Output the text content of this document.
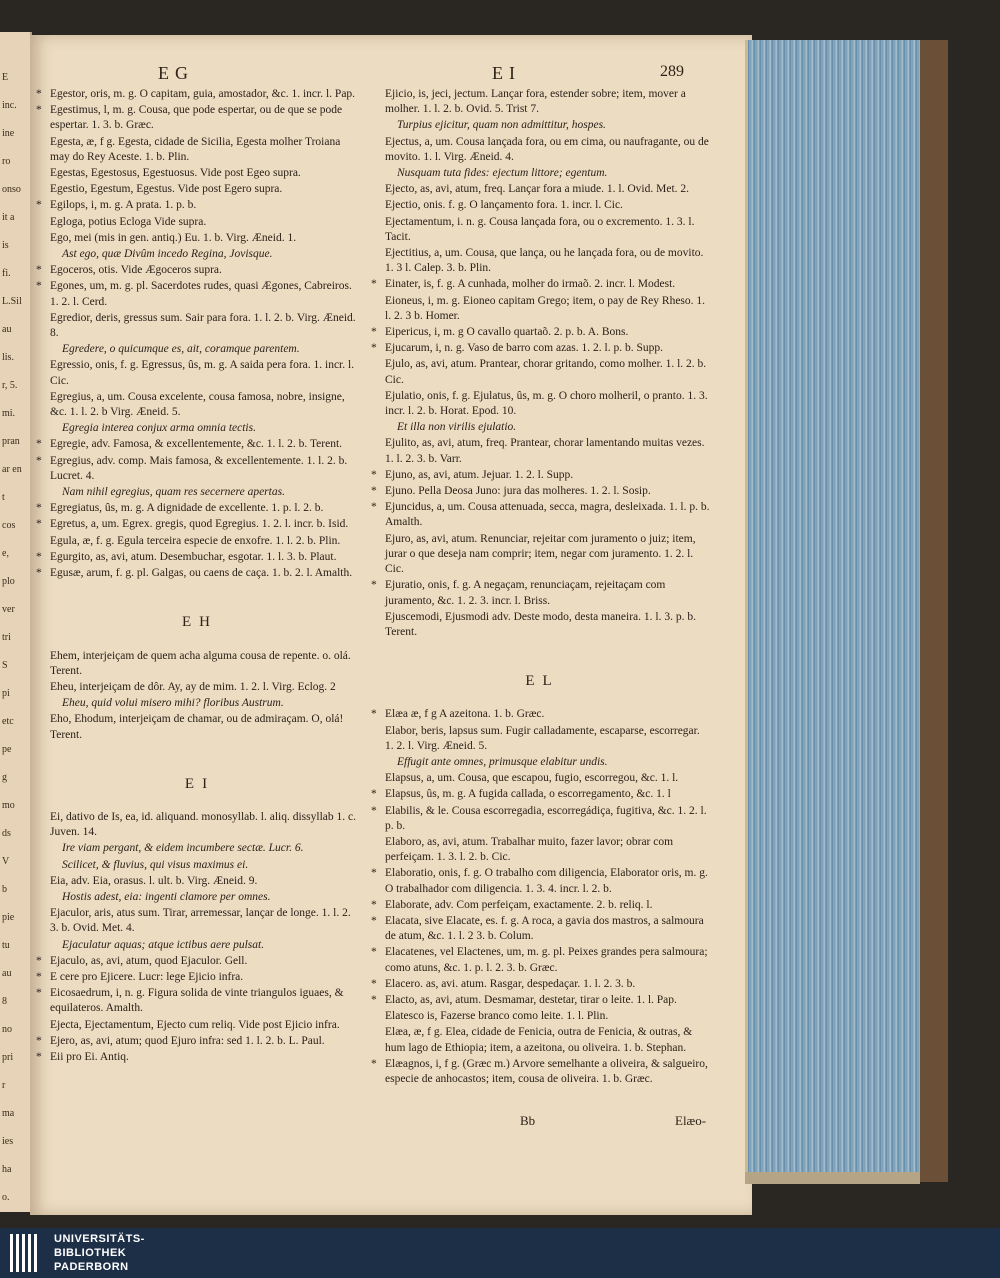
E
inc.
ine
ro
onso
it a
is
fi.
L.Sil
au
lis.
r, 5.
mi.
pran
ar en
t
cos
e,
plo
ver
tri
S
pi
etc
pe
g
mo
ds
V
b
pie
tu
au
8
no
pri
r
ma
ies
ha
o.
EG	EI	289
* Egestor, oris, m. g. O capitam, guia, amostador, &c. 1. incr. l. Pap.
* Egestimus, l, m. g. Cousa, que pode espertar, ou de que se pode espertar. 1. 3. b. Græc.
Egesta, æ, f g. Egesta, cidade de Sicilia, Egesta molher Troiana may do Rey Aceste. 1. b. Plin.
Egestas, Egestosus, Egestuosus. Vide post Egeo supra.
Egestio, Egestum, Egestus. Vide post Egero supra.
* Egilops, i, m. g. A prata. 1. p. b.
Egloga, potius Ecloga Vide supra.
Ego, mei (mis in gen. antiq.) Eu. 1. b. Virg. Æneid. 1.
Ast ego, quæ Divûm incedo Regina, Jovisque.
* Egoceros, otis. Vide Ægoceros supra.
* Egones, um, m. g. pl. Sacerdotes rudes, quasi Ægones, Cabreiros. 1. 2. l. Cerd.
Egredior, deris, gressus sum. Sair para fora. 1. l. 2. b. Virg. Æneid. 8.
Egredere, o quicumque es, ait, coramque parentem.
Egressio, onis, f. g. Egressus, ûs, m. g. A saida pera fora. 1. incr. l. Cic.
Egregius, a, um. Cousa excelente, cousa famosa, nobre, insigne, &c. 1. l. 2. b Virg. Æneid. 5.
Egregia interea conjux arma omnia tectis.
* Egregie, adv. Famosa, & excellentemente, &c. 1. l. 2. b. Terent.
* Egregius, adv. comp. Mais famosa, & excellentemente. 1. l. 2. b. Lucret. 4.
Nam nihil egregius, quam res secernere apertas.
* Egregiatus, ûs, m. g. A dignidade de excellente. 1. p. l. 2. b.
* Egretus, a, um. Egrex. gregis, quod Egregius. 1. 2. l. incr. b. Isid.
Egula, æ, f. g. Egula terceira especie de enxofre. 1. l. 2. b. Plin.
* Egurgito, as, avi, atum. Desembuchar, esgotar. 1. l. 3. b. Plaut.
* Egusæ, arum, f. g. pl. Galgas, ou caens de caça. 1. b. 2. l. Amalth.
EH
Ehem, interjeiçam de quem acha alguma cousa de repente. o. olá. Terent.
Eheu, interjeiçam de dôr. Ay, ay de mim. 1. 2. l. Virg. Eclog. 2
Eheu, quid volui misero mihi? floribus Austrum.
Eho, Ehodum, interjeiçam de chamar, ou de admiraçam. O, olá! Terent.
EI
Ei, dativo de Is, ea, id. aliquand. monosyllab. l. aliq. dissyllab 1. c. Juven. 14.
Ire viam pergant, & eidem incumbere sectæ. Lucr. 6.
Scilicet, & fluvius, qui visus maximus ei.
Eia, adv. Eia, orasus. l. ult. b. Virg. Æneid. 9.
Hostis adest, eia: ingenti clamore per omnes.
Ejaculor, aris, atus sum. Tirar, arremessar, lançar de longe. 1. l. 2. 3. b. Ovid. Met. 4.
Ejaculatur aquas; atque ictibus aere pulsat.
* Ejaculo, as, avi, atum, quod Ejaculor. Gell.
* E cere pro Ejicere. Lucr: lege Ejicio infra.
* Eicosaedrum, i, n. g. Figura solida de vinte triangulos iguaes, & equilateros. Amalth.
Ejecta, Ejectamentum, Ejecto cum reliq. Vide post Ejicio infra.
* Ejero, as, avi, atum; quod Ejuro infra: sed 1. l. 2. b. L. Paul.
* Eii pro Ei. Antiq.
Ejicio, is, jeci, jectum. Lançar fora, estender sobre; item, mover a molher. 1. l. 2. b. Ovid. 5. Trist 7.
Turpius ejicitur, quam non admittitur, hospes.
Ejectus, a, um. Cousa lançada fora, ou em cima, ou naufragante, ou de movito. 1. l. Virg. Æneid. 4.
Nusquam tuta fides: ejectum littore; egentum.
Ejecto, as, avi, atum, freq. Lançar fora a miude. 1. l. Ovid. Met. 2.
Ejectio, onis. f. g. O lançamento fora. 1. incr. l. Cic.
Ejectamentum, i. n. g. Cousa lançada fora, ou o excremento. 1. 3. l. Tacit.
Ejectitius, a, um. Cousa, que lança, ou he lançada fora, ou de movito. 1. 3 l. Calep. 3. b. Plin.
* Einater, is, f. g. A cunhada, molher do irmaõ. 2. incr. l. Modest.
Eioneus, i, m. g. Eioneo capitam Grego; item, o pay de Rey Rheso. 1. l. 2. 3 b. Homer.
* Eipericus, i, m. g O cavallo quartaõ. 2. p. b. A. Bons.
* Ejucarum, i, n. g. Vaso de barro com azas. 1. 2. l. p. b. Supp.
Ejulo, as, avi, atum. Prantear, chorar gritando, como molher. 1. l. 2. b. Cic.
Ejulatio, onis, f. g. Ejulatus, ûs, m. g. O choro molheril, o pranto. 1. 3. incr. l. 2. b. Horat. Epod. 10.
Et illa non virilis ejulatio.
Ejulito, as, avi, atum, freq. Prantear, chorar lamentando muitas vezes. 1. l. 2. 3. b. Varr.
* Ejuno, as, avi, atum. Jejuar. 1. 2. l. Supp.
* Ejuno. Pella Deosa Juno: jura das molheres. 1. 2. l. Sosip.
* Ejuncidus, a, um. Cousa attenuada, secca, magra, desleixada. 1. l. p. b. Amalth.
Ejuro, as, avi, atum. Renunciar, rejeitar com juramento o juiz; item, jurar o que deseja nam comprir; item, negar com juramento. 1. 2. l. Cic.
* Ejuratio, onis, f. g. A negaçam, renunciaçam, rejeitaçam com juramento, &c. 1. 2. 3. incr. l. Briss.
Ejuscemodi, Ejusmodi adv. Deste modo, desta maneira. 1. l. 3. p. b. Terent.
EL
* Elæa æ, f g A azeitona. 1. b. Græc.
Elabor, beris, lapsus sum. Fugir calladamente, escaparse, escorregar. 1. 2. l. Virg. Æneid. 5.
Effugit ante omnes, primusque elabitur undis.
Elapsus, a, um. Cousa, que escapou, fugio, escorregou, &c. 1. l.
* Elapsus, ûs, m. g. A fugida callada, o escorregamento, &c. 1. l
* Elabilis, & le. Cousa escorregadia, escorregádiça, fugitiva, &c. 1. 2. l. p. b.
Elaboro, as, avi, atum. Trabalhar muito, fazer lavor; obrar com perfeiçam. 1. 3. l. 2. b. Cic.
* Elaboratio, onis, f. g. O trabalho com diligencia, Elaborator oris, m. g. O trabalhador com diligencia. 1. 3. 4. incr. l. 2. b.
* Elaborate, adv. Com perfeiçam, exactamente. 2. b. reliq. l.
* Elacata, sive Elacate, es. f. g. A roca, a gavia dos mastros, a salmoura de atum, &c. 1. l. 2 3. b. Colum.
* Elacatenes, vel Elactenes, um, m. g. pl. Peixes grandes pera salmoura; como atuns, &c. 1. p. l. 2. 3. b. Græc.
* Elacero. as, avi. atum. Rasgar, despedaçar. 1. l. 2. 3. b.
* Elacto, as, avi, atum. Desmamar, destetar, tirar o leite. 1. l. Pap.
Elatesco is, Fazerse branco como leite. 1. l. Plin.
Elæa, æ, f g. Elea, cidade de Fenicia, outra de Fenicia, & outras, & hum lago de Ethiopia; item, a azeitona, ou oliveira. 1. b. Stephan.
* Elæagnos, i, f g. (Græc m.) Arvore semelhante a oliveira, & salgueiro, especie de anhocastos; item, cousa de oliveira. 1. b. Græc.
Bb	Elæo-
UNIVERSITÄTS-
BIBLIOTHEK
PADERBORN
